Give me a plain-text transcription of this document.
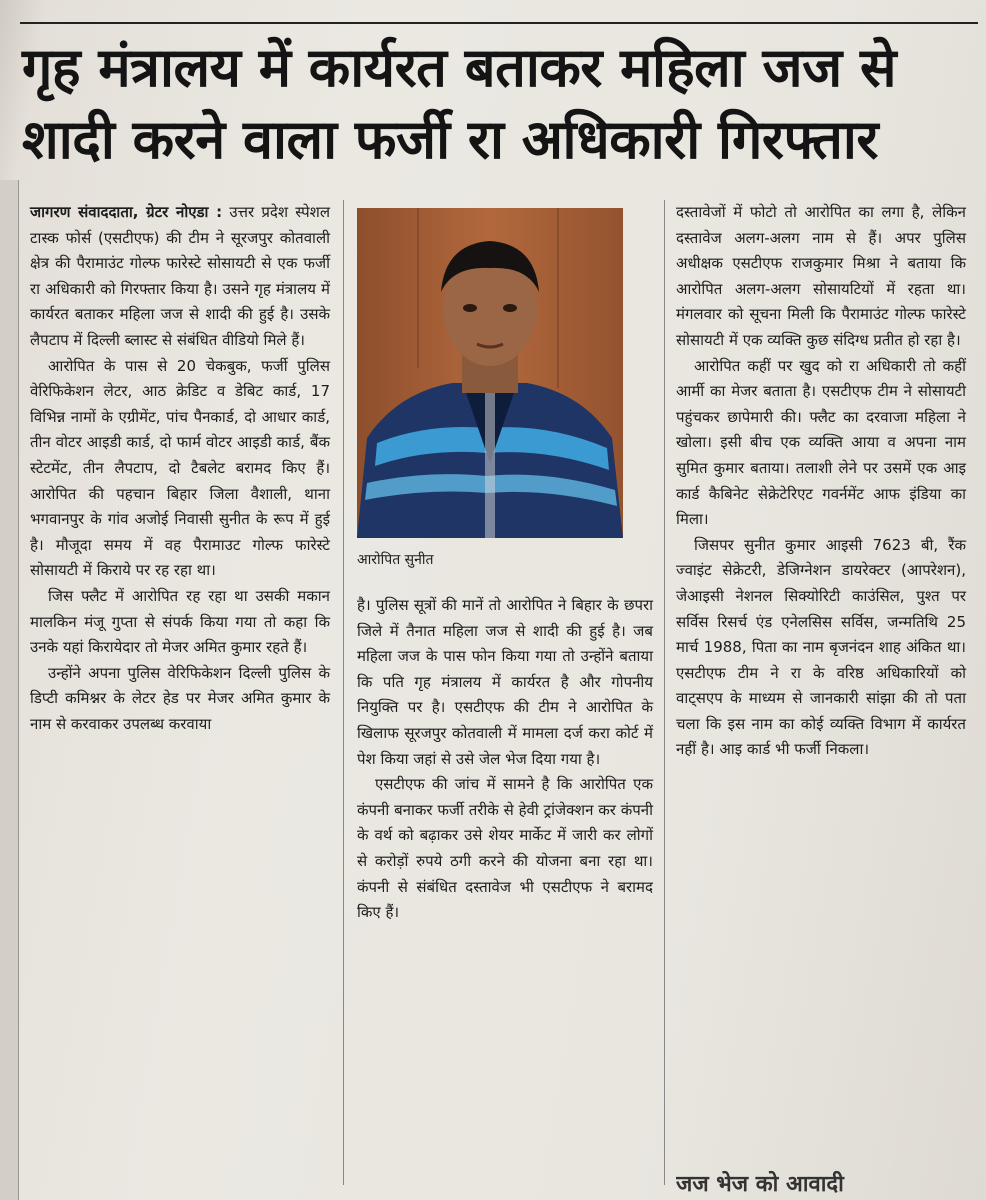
गृह मंत्रालय में कार्यरत बताकर महिला जज से
शादी करने वाला फर्जी रा अधिकारी गिरफ्तार

जागरण संवाददाता, ग्रेटर नोएडा : उत्तर प्रदेश स्पेशल टास्क फोर्स (एसटीएफ) की टीम ने सूरजपुर कोतवाली क्षेत्र की पैरामाउंट गोल्फ फारेस्टे सोसायटी से एक फर्जी रा अधिकारी को गिरफ्तार किया है। उसने गृह मंत्रालय में कार्यरत बताकर महिला जज से शादी की हुई है। उसके लैपटाप में दिल्ली ब्लास्ट से संबंधित वीडियो मिले हैं।

आरोपित के पास से 20 चेकबुक, फर्जी पुलिस वेरिफिकेशन लेटर, आठ क्रेडिट व डेबिट कार्ड, 17 विभिन्न नामों के एग्रीमेंट, पांच पैनकार्ड, दो आधार कार्ड, तीन वोटर आइडी कार्ड, दो फार्म वोटर आइडी कार्ड, बैंक स्टेटमेंट, तीन लैपटाप, दो टैबलेट बरामद किए हैं। आरोपित की पहचान बिहार जिला वैशाली, थाना भगवानपुर के गांव अजोई निवासी सुनीत के रूप में हुई है। मौजूदा समय में वह पैरामाउट गोल्फ फारेस्टे सोसायटी में किराये पर रह रहा था।

जिस फ्लैट में आरोपित रह रहा था उसकी मकान मालकिन मंजू गुप्ता से संपर्क किया गया तो कहा कि उनके यहां किरायेदार तो मेजर अमित कुमार रहते हैं।

उन्होंने अपना पुलिस वेरिफिकेशन दिल्ली पुलिस के डिप्टी कमिश्नर के लेटर हेड पर मेजर अमित कुमार के नाम से करवाकर उपलब्ध करवाया

आरोपित सुनीत

है। पुलिस सूत्रों की मानें तो आरोपित ने बिहार के छपरा जिले में तैनात महिला जज से शादी की हुई है। जब महिला जज के पास फोन किया गया तो उन्होंने बताया कि पति गृह मंत्रालय में कार्यरत है और गोपनीय नियुक्ति पर है। एसटीएफ की टीम ने आरोपित के खिलाफ सूरजपुर कोतवाली में मामला दर्ज करा कोर्ट में पेश किया जहां से उसे जेल भेज दिया गया है।

एसटीएफ की जांच में सामने है कि आरोपित एक कंपनी बनाकर फर्जी तरीके से हेवी ट्रांजेक्शन कर कंपनी के वर्थ को बढ़ाकर उसे शेयर मार्केट में जारी कर लोगों से करोड़ों रुपये ठगी करने की योजना बना रहा था। कंपनी से संबंधित दस्तावेज भी एसटीएफ ने बरामद किए हैं।

दस्तावेजों में फोटो तो आरोपित का लगा है, लेकिन दस्तावेज अलग-अलग नाम से हैं। अपर पुलिस अधीक्षक एसटीएफ राजकुमार मिश्रा ने बताया कि आरोपित अलग-अलग सोसायटियों में रहता था। मंगलवार को सूचना मिली कि पैरामाउंट गोल्फ फारेस्टे सोसायटी में एक व्यक्ति कुछ संदिग्ध प्रतीत हो रहा है।

आरोपित कहीं पर खुद को रा अधिकारी तो कहीं आर्मी का मेजर बताता है। एसटीएफ टीम ने सोसायटी पहुंचकर छापेमारी की। फ्लैट का दरवाजा महिला ने खोला। इसी बीच एक व्यक्ति आया व अपना नाम सुमित कुमार बताया। तलाशी लेने पर उसमें एक आइ कार्ड कैबिनेट सेक्रेटेरिएट गवर्नमेंट आफ इंडिया का मिला।

जिसपर सुनीत कुमार आइसी 7623 बी, रैंक ज्वाइंट सेक्रेटरी, डेजिग्नेशन डायरेक्टर (आपरेशन), जेआइसी नेशनल सिक्योरिटी काउंसिल, पुश्त पर सर्विस रिसर्च एंड एनेलसिस सर्विस, जन्मतिथि 25 मार्च 1988, पिता का नाम बृजनंदन शाह अंकित था। एसटीएफ टीम ने रा के वरिष्ठ अधिकारियों को वाट्सएप के माध्यम से जानकारी सांझा की तो पता चला कि इस नाम का कोई व्यक्ति विभाग में कार्यरत नहीं है। आइ कार्ड भी फर्जी निकला।

जज भेज को आवादी
